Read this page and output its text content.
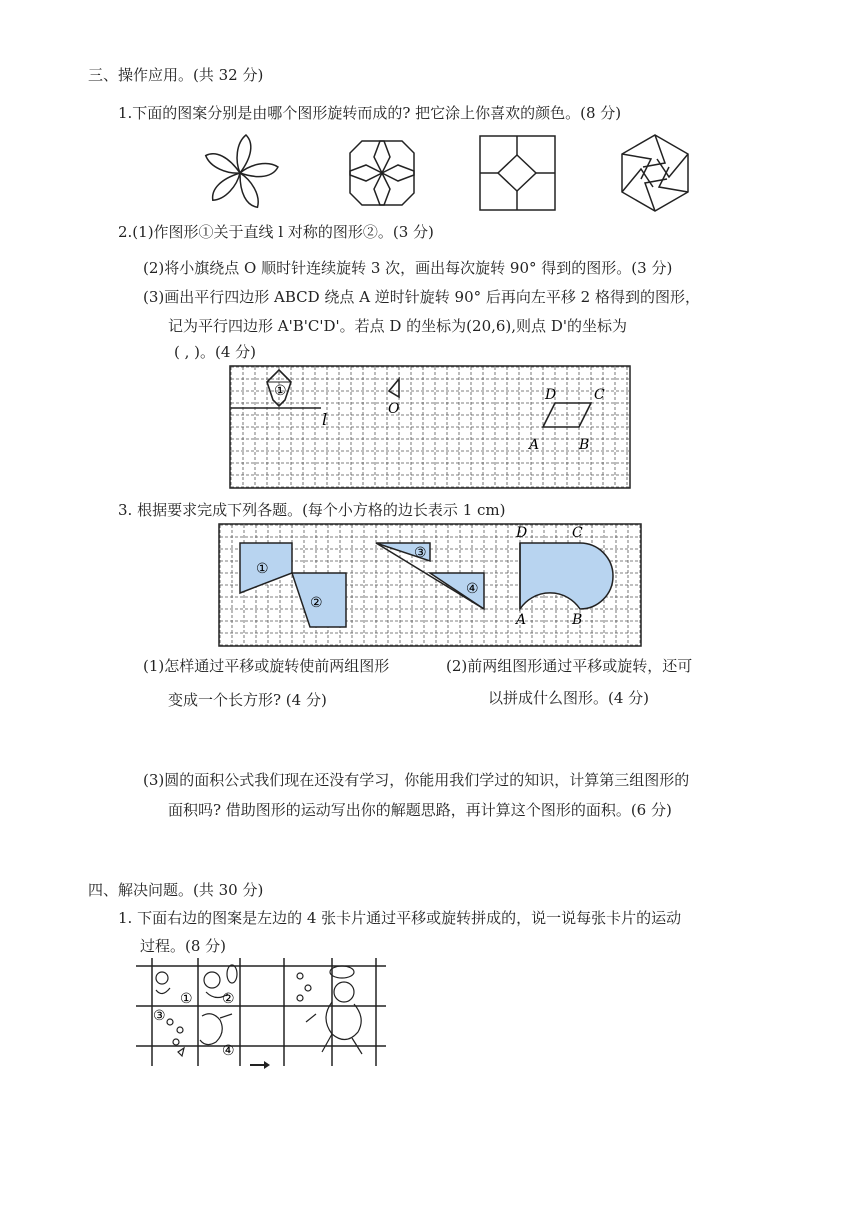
三、操作应用。(共 32 分)
1.下面的图案分别是由哪个图形旋转而成的? 把它涂上你喜欢的颜色。(8 分)
2.(1)作图形①关于直线 l 对称的图形②。(3 分)
(2)将小旗绕点 O 顺时针连续旋转 3 次，画出每次旋转 90° 得到的图形。(3 分)
(3)画出平行四边形 ABCD 绕点 A 逆时针旋转 90° 后再向左平移 2 格得到的图形，
记为平行四边形 A'B'C'D'。若点 D 的坐标为(20,6),则点 D'的坐标为
( , )。(4 分)
①
l
O
D	C
A	B
3. 根据要求完成下列各题。(每个小方格的边长表示 1 cm)
①
②
③
④
D	C
A	B
(1)怎样通过平移或旋转使前两组图形
变成一个长方形? (4 分)
(2)前两组图形通过平移或旋转，还可
以拼成什么图形。(4 分)
(3)圆的面积公式我们现在还没有学习，你能用我们学过的知识，计算第三组图形的
面积吗? 借助图形的运动写出你的解题思路，再计算这个图形的面积。(6 分)
四、解决问题。(共 30 分)
1. 下面右边的图案是左边的 4 张卡片通过平移或旋转拼成的，说一说每张卡片的运动
过程。(8 分)
① ②
③
④
